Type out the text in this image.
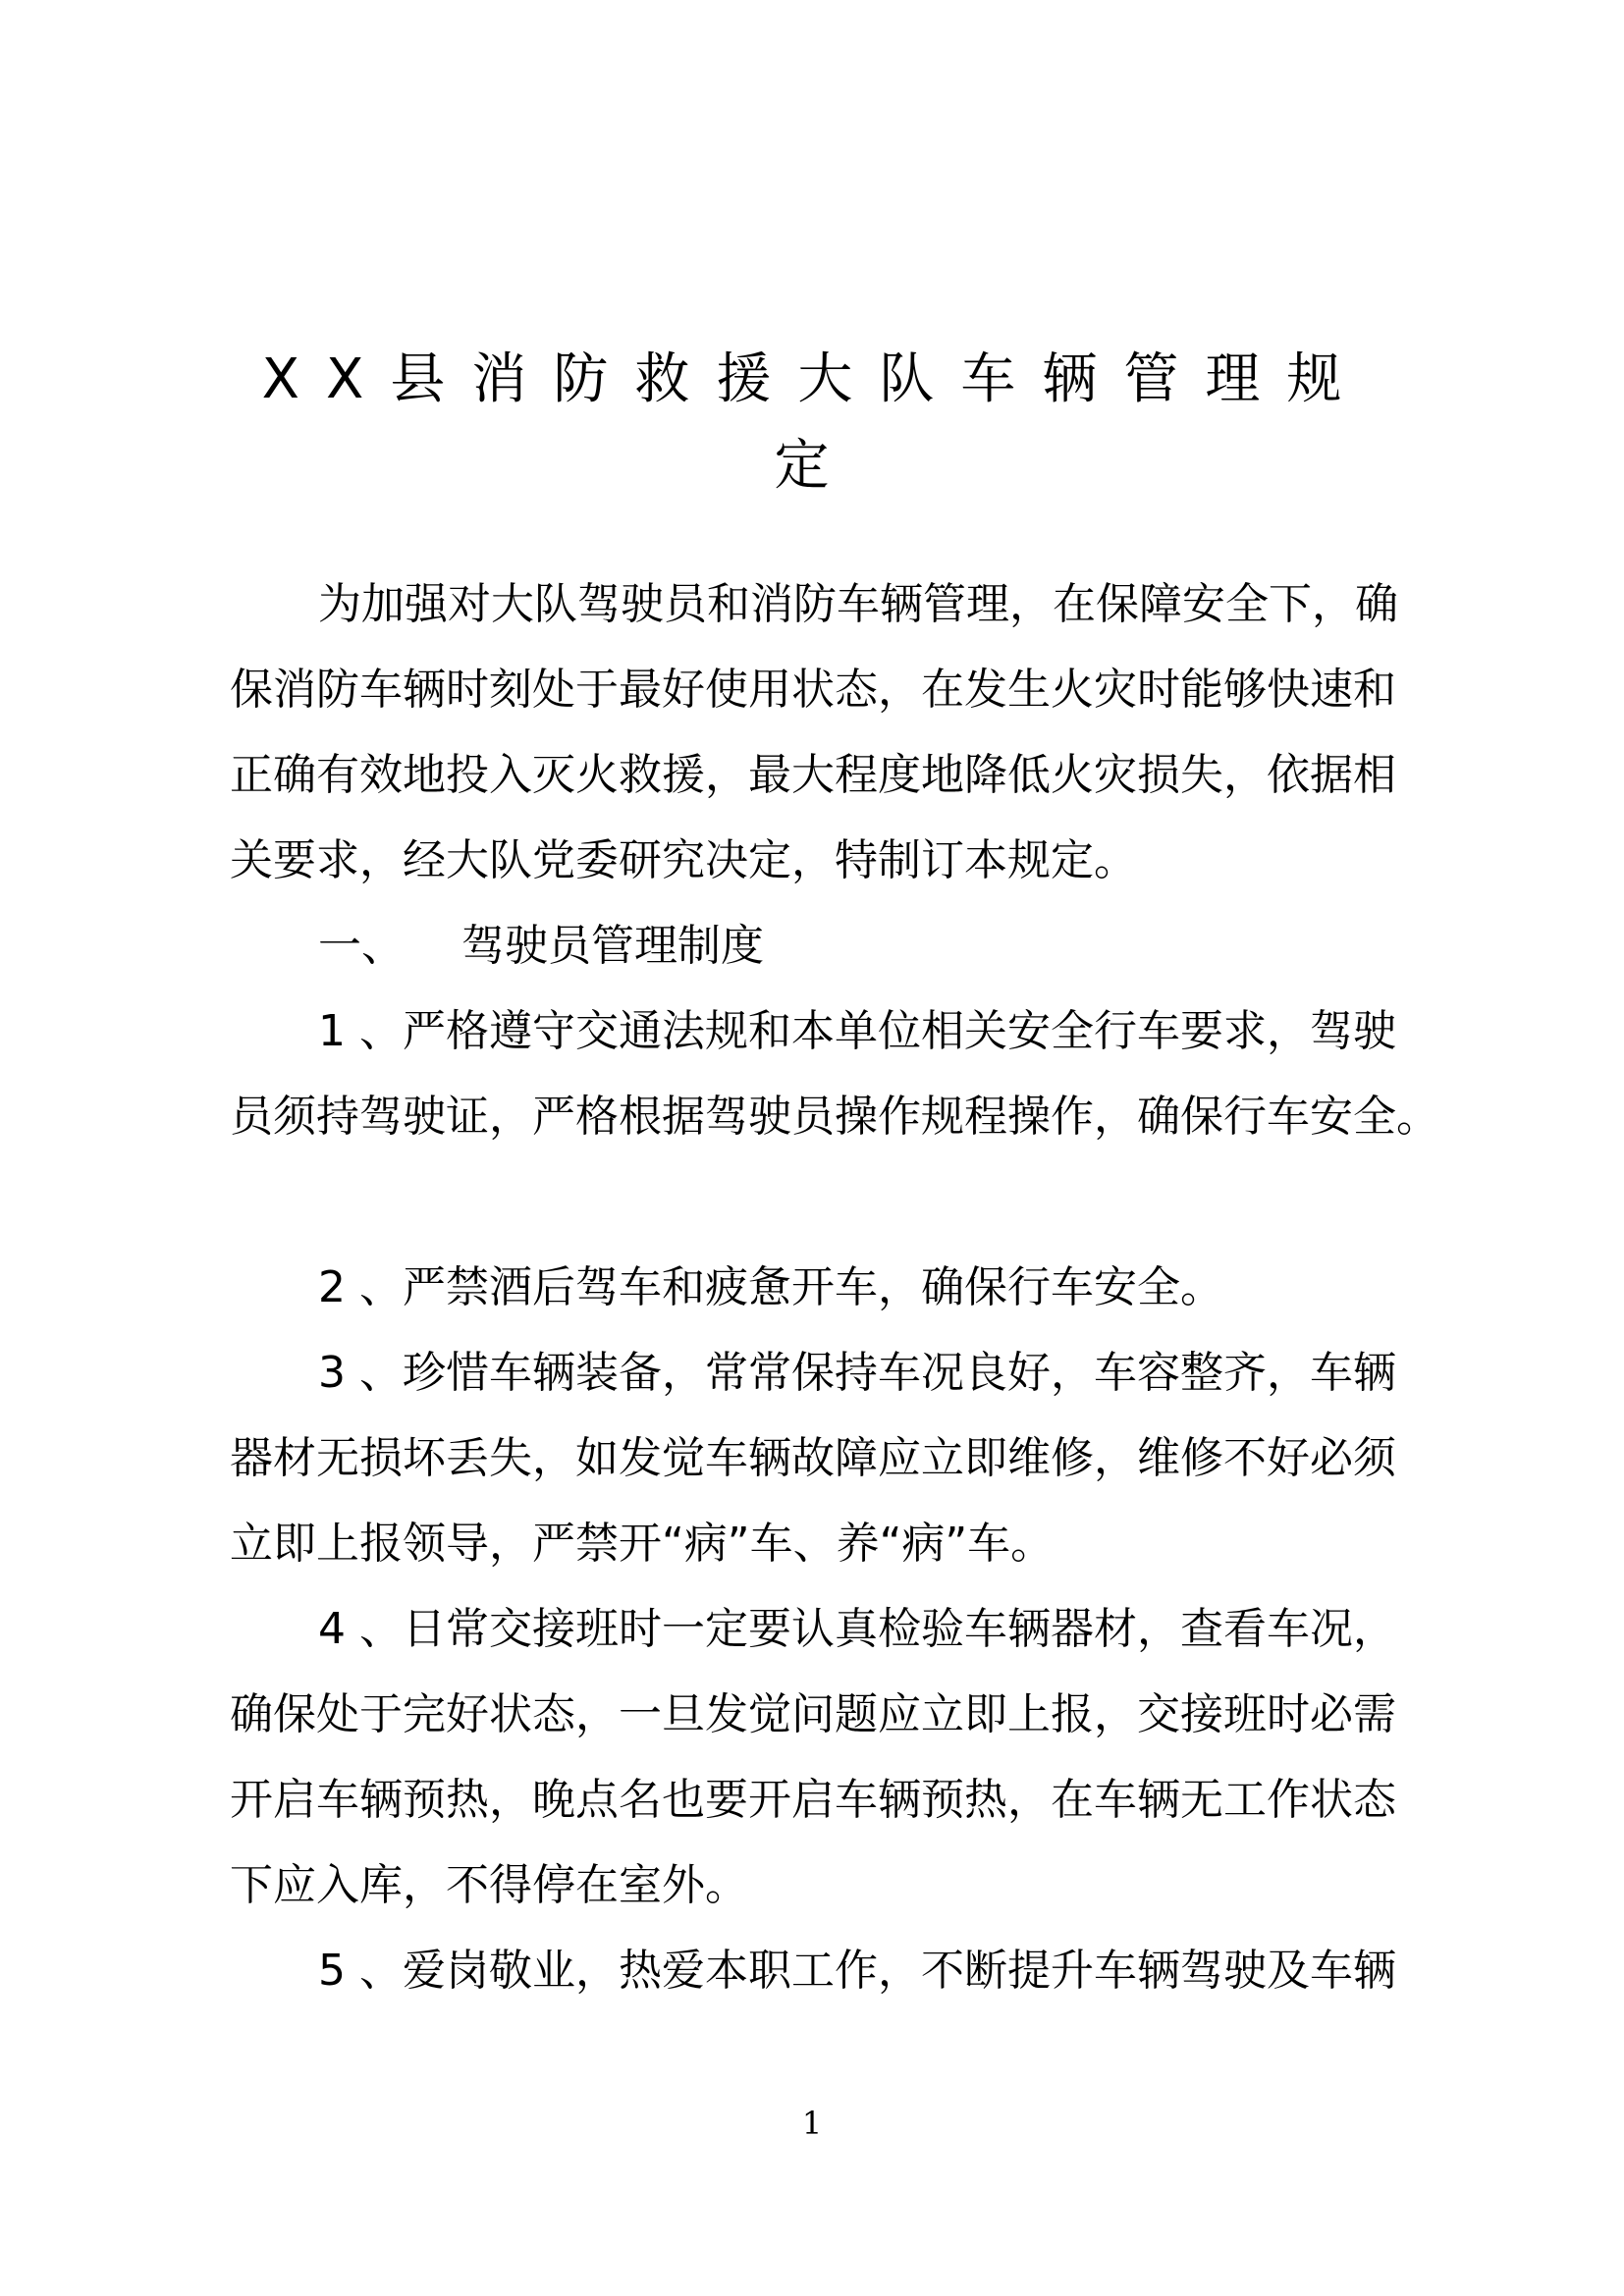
XX县消防救援大队车辆管理规
定

为加强对大队驾驶员和消防车辆管理，在保障安全下，确

保消防车辆时刻处于最好使用状态，在发生火灾时能够快速和

正确有效地投入灭火救援，最大程度地降低火灾损失，依据相

关要求，经大队党委研究决定，特制订本规定。

一、 驾驶员管理制度

1 、严格遵守交通法规和本单位相关安全行车要求，驾驶

员须持驾驶证，严格根据驾驶员操作规程操作，确保行车安全。

2 、严禁酒后驾车和疲惫开车，确保行车安全。

3 、珍惜车辆装备，常常保持车况良好，车容整齐，车辆

器材无损坏丢失，如发觉车辆故障应立即维修，维修不好必须

立即上报领导，严禁开“病”车、养“病”车。

4 、日常交接班时一定要认真检验车辆器材，查看车况，

确保处于完好状态，一旦发觉问题应立即上报，交接班时必需

开启车辆预热，晚点名也要开启车辆预热，在车辆无工作状态

下应入库，不得停在室外。

5 、爱岗敬业，热爱本职工作，不断提升车辆驾驶及车辆

1
